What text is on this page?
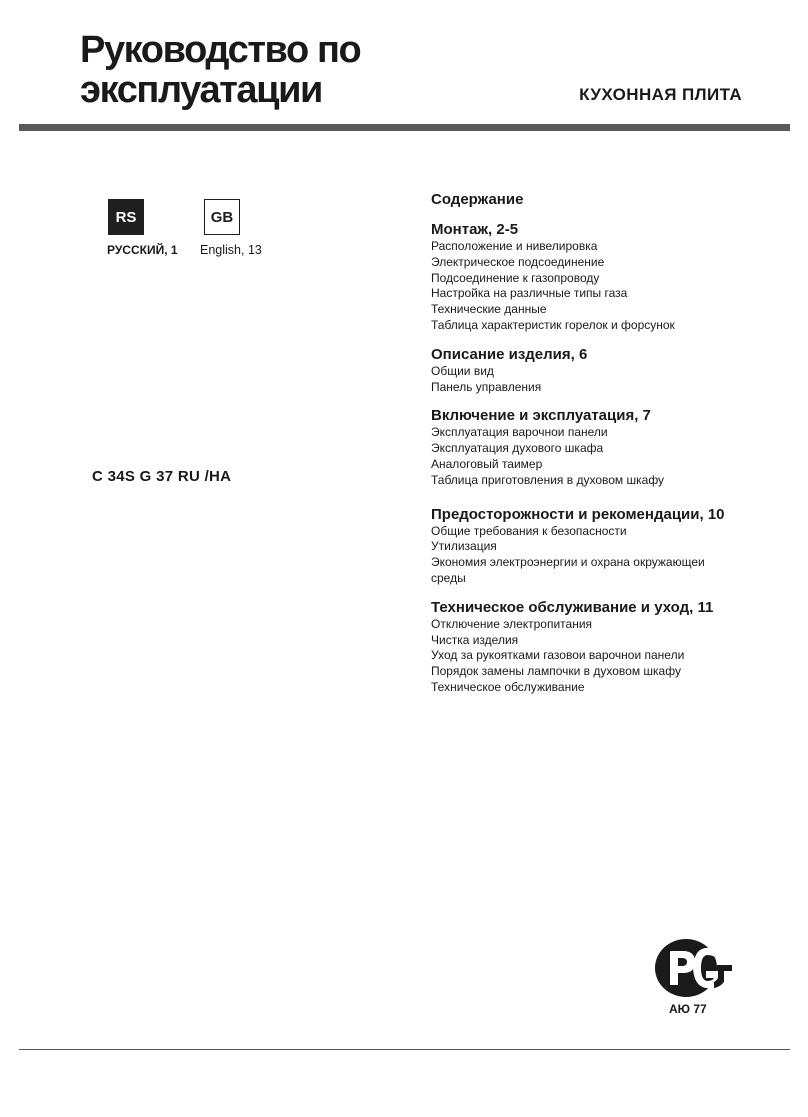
Руководство по
эксплуатации	КУХОННАЯ ПЛИТА
RS
РУССКИЙ, 1
GB
English, 13
C 34S G 37 RU /HA
Содержание
Монтаж, 2-5
Расположение и нивелировка
Электрическое подсоединение
Подсоединение к газопроводу
Настройка на различные типы газа
Технические данные
Таблица характеристик горелок и форсунок
Описание изделия, 6
Общии вид
Панель управления
Включение и эксплуатация, 7
Эксплуатация варочнои панели
Эксплуатация духового шкафа
Аналоговый таимер
Таблица приготовления в духовом шкафу
Предосторожности и рекомендации, 10
Общие требования к безопасности
Утилизация
Экономия электроэнергии и охрана окружающеи
среды
Техническое обслуживание и уход, 11
Отключение электропитания
Чистка изделия
Уход за рукоятками газовои варочнои панели
Порядок замены лампочки в духовом шкафу
Техническое обслуживание
АЮ 77
